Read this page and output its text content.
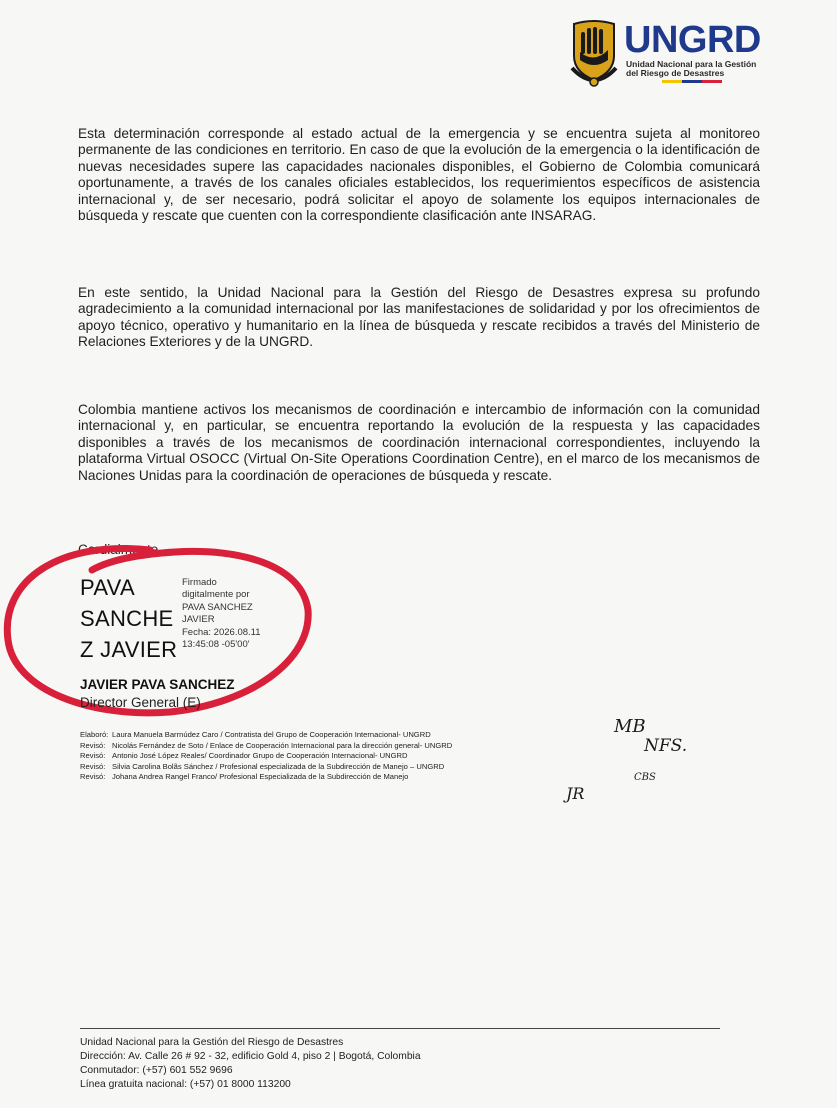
UNGRD
Unidad Nacional para la Gestión
del Riesgo de Desastres
Esta determinación corresponde al estado actual de la emergencia y se encuentra sujeta al monitoreo permanente de las condiciones en territorio. En caso de que la evolución de la emergencia o la identificación de nuevas necesidades supere las capacidades nacionales disponibles, el Gobierno de Colombia comunicará oportunamente, a través de los canales oficiales establecidos, los requerimientos específicos de asistencia internacional y, de ser necesario, podrá solicitar el apoyo de solamente los equipos internacionales de búsqueda y rescate que cuenten con la correspondiente clasificación ante INSARAG.
En este sentido, la Unidad Nacional para la Gestión del Riesgo de Desastres expresa su profundo agradecimiento a la comunidad internacional por las manifestaciones de solidaridad y por los ofrecimientos de apoyo técnico, operativo y humanitario en la línea de búsqueda y rescate recibidos a través del Ministerio de Relaciones Exteriores y de la UNGRD.
Colombia mantiene activos los mecanismos de coordinación e intercambio de información con la comunidad internacional y, en particular, se encuentra reportando la evolución de la respuesta y las capacidades disponibles a través de los mecanismos de coordinación internacional correspondientes, incluyendo la plataforma Virtual OSOCC (Virtual On-Site Operations Coordination Centre), en el marco de los mecanismos de Naciones Unidas para la coordinación de operaciones de búsqueda y rescate.
Cordialmente,
PAVA
SANCHE
Z JAVIER
Firmado
digitalmente por
PAVA SANCHEZ
JAVIER
Fecha: 2026.08.11
13:45:08 -05'00'
JAVIER PAVA SANCHEZ
Director General (E)
Elaboró: Laura Manuela Barrnúdez Caro / Contratista del Grupo de Cooperación Internacional- UNGRD
Revisó: Nicolás Fernández de Soto / Enlace de Cooperación Internacional para la dirección general- UNGRD
Revisó: Antonio José López Reales/ Coordinador Grupo de Cooperación Internacional- UNGRD
Revisó: Silvia Carolina Bolãs Sánchez / Profesional especializada de la Subdirección de Manejo – UNGRD
Revisó: Johana Andrea Rangel Franco/ Profesional Especializada de la Subdirección de Manejo
MB
NFS.
CBS
JR
Unidad Nacional para la Gestión del Riesgo de Desastres
Dirección: Av. Calle 26 # 92 - 32, edificio Gold 4, piso 2 | Bogotá, Colombia
Conmutador: (+57) 601 552 9696
Línea gratuita nacional: (+57) 01 8000 113200
